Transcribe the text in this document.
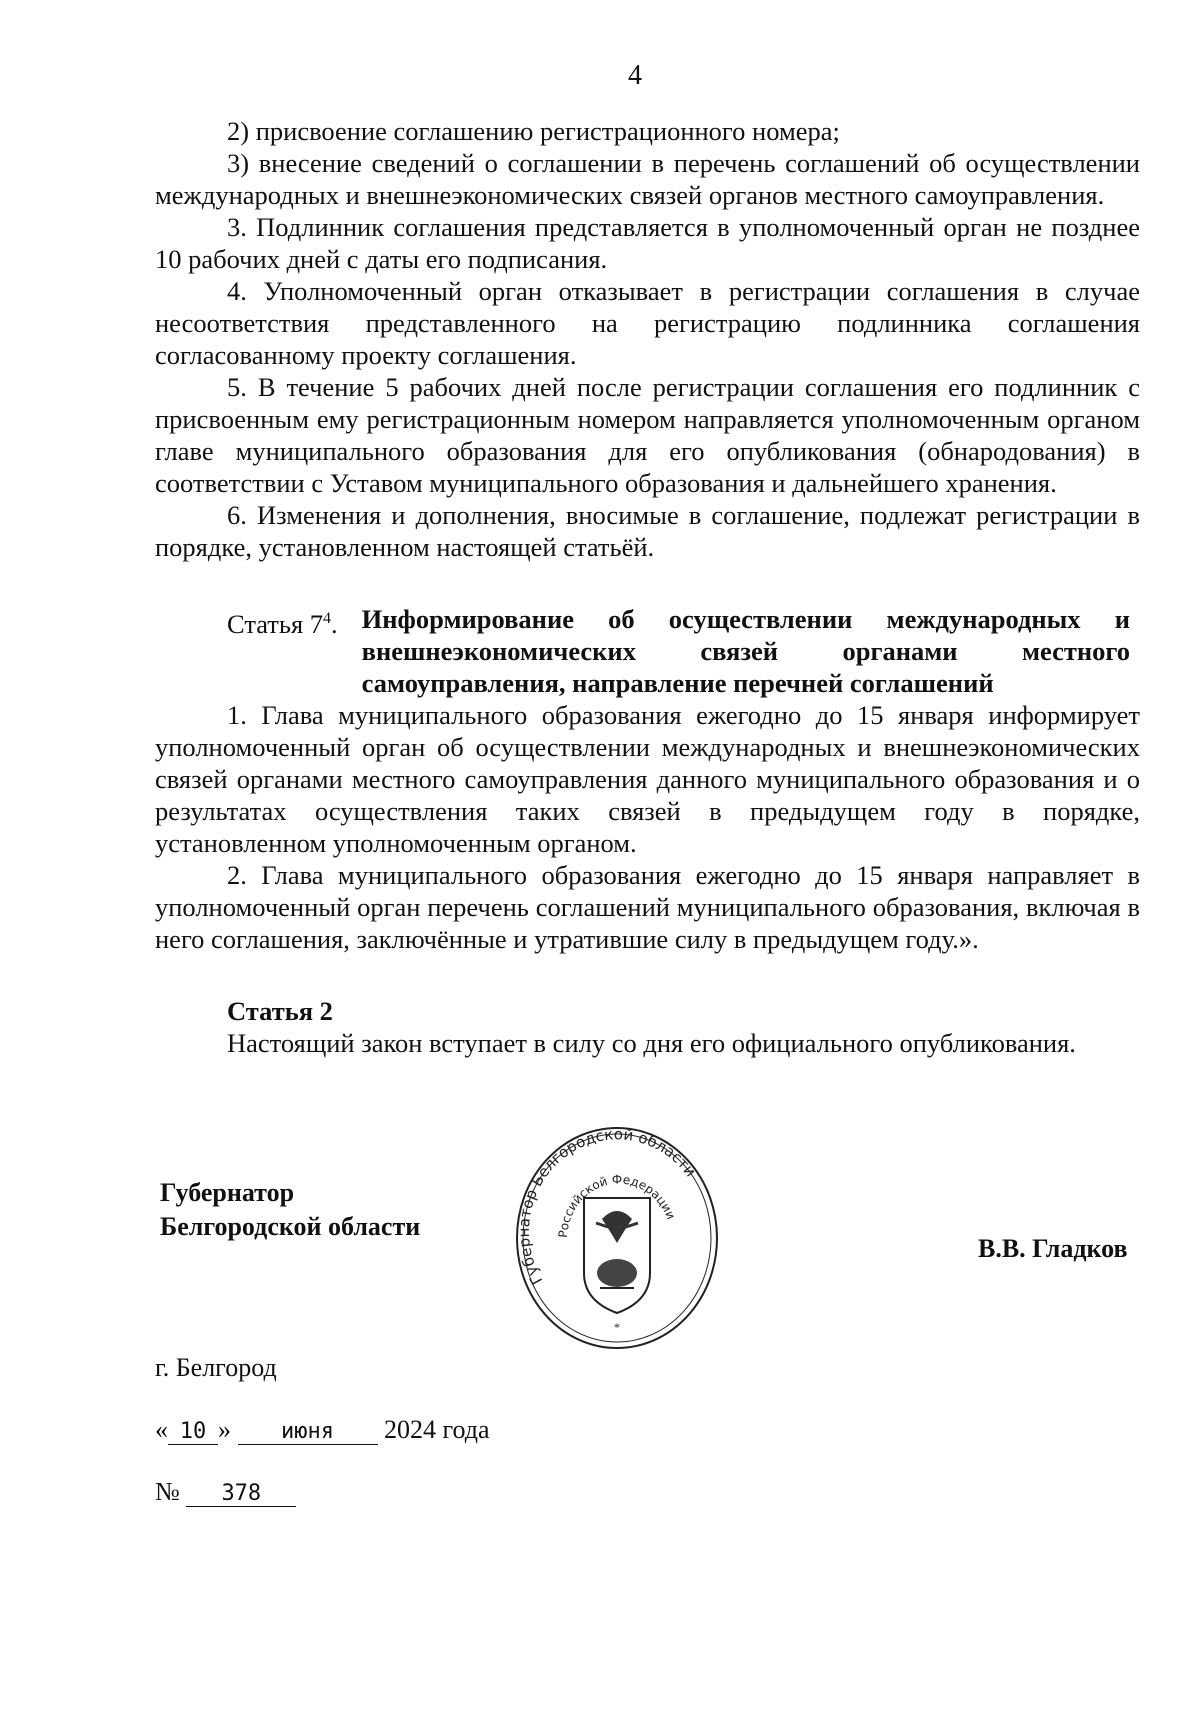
4

2) присвоение соглашению регистрационного номера;

3) внесение сведений о соглашении в перечень соглашений об осуществлении международных и внешнеэкономических связей органов местного самоуправления.

3. Подлинник соглашения представляется в уполномоченный орган не позднее 10 рабочих дней с даты его подписания.

4. Уполномоченный орган отказывает в регистрации соглашения в случае несоответствия представленного на регистрацию подлинника соглашения согласованному проекту соглашения.

5. В течение 5 рабочих дней после регистрации соглашения его подлинник с присвоенным ему регистрационным номером направляется уполномоченным органом главе муниципального образования для его опубликования (обнародования) в соответствии с Уставом муниципального образования и дальнейшего хранения.

6. Изменения и дополнения, вносимые в соглашение, подлежат регистрации в порядке, установленном настоящей статьёй.

Статья $7^4$. Информирование об осуществлении международных и внешнеэкономических связей органами местного самоуправления, направление перечней соглашений

1. Глава муниципального образования ежегодно до 15 января информирует уполномоченный орган об осуществлении международных и внешнеэкономических связей органами местного самоуправления данного муниципального образования и о результатах осуществления таких связей в предыдущем году в порядке, установленном уполномоченным органом.

2. Глава муниципального образования ежегодно до 15 января направляет в уполномоченный орган перечень соглашений муниципального образования, включая в него соглашения, заключённые и утратившие силу в предыдущем году.».

Статья 2
Настоящий закон вступает в силу со дня его официального опубликования.
Губернатор
Белгородской области
Губернатор Белгородской области
Российской Федерации
*
В.В. Гладков
г. Белгород
« 10 » июня 2024 года
№ 378
